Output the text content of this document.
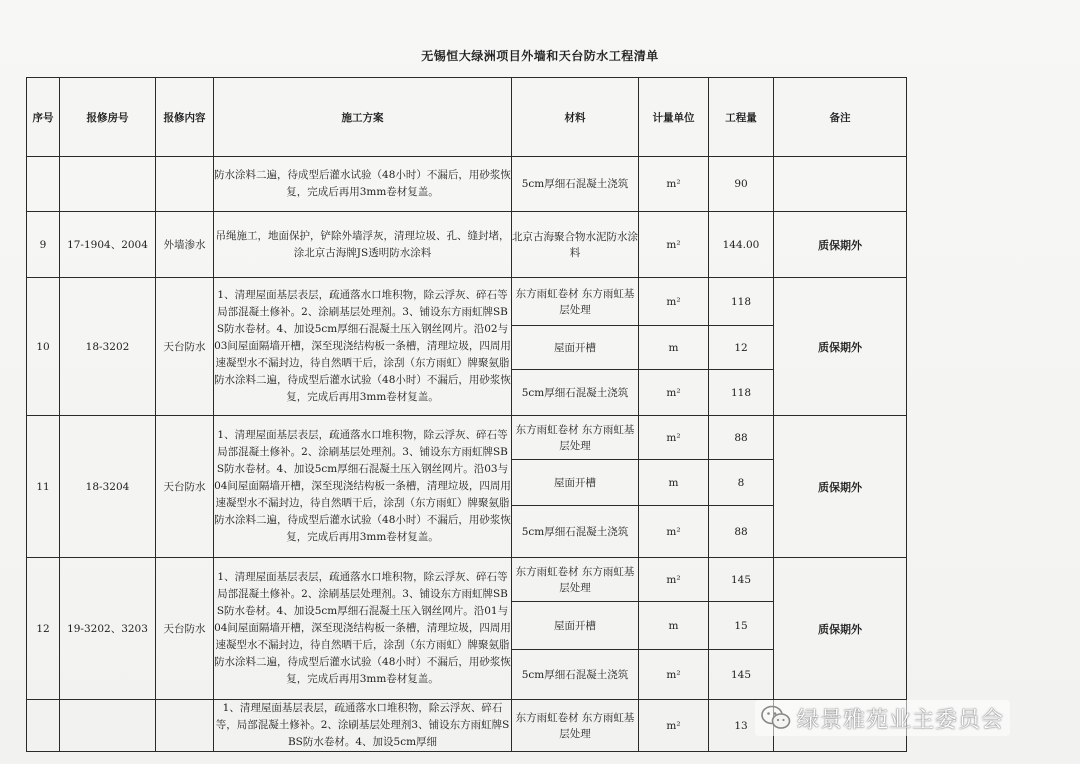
无锡恒大绿洲项目外墙和天台防水工程清单
序号	报修房号	报修内容	施工方案	材料	计量单位	工程量	备注
			防水涂料二遍，待成型后灌水试验（48小时）不漏后，用砂浆恢复，完成后再用3mm卷材复盖。	5cm厚细石混凝土浇筑	m²	90	
9	17-1904、2004	外墙渗水	吊绳施工，地面保护，铲除外墙浮灰，清理垃圾、孔、缝封堵，涂北京古海牌JS透明防水涂料	北京古海聚合物水泥防水涂料	m²	144.00	质保期外
10	18-3202	天台防水	1、清理屋面基层表层，疏通落水口堆积物，除云浮灰、碎石等局部混凝土修补。2、涂刷基层处理剂。3、铺设东方雨虹牌SBS防水卷材。4、加设5cm厚细石混凝土压入钢丝网片。沿02与03间屋面隔墙开槽，深至现浇结构板一条槽，清理垃圾，四周用速凝型水不漏封边，待自然晒干后，涂刮（东方雨虹）牌聚氨脂防水涂料二遍，待成型后灌水试验（48小时）不漏后，用砂浆恢复，完成后再用3mm卷材复盖。	东方雨虹卷材 东方雨虹基层处理	m²	118	质保期外
				屋面开槽	m	12	
				5cm厚细石混凝土浇筑	m²	118	
11	18-3204	天台防水	1、清理屋面基层表层，疏通落水口堆积物，除云浮灰、碎石等局部混凝土修补。2、涂刷基层处理剂。3、铺设东方雨虹牌SBS防水卷材。4、加设5cm厚细石混凝土压入钢丝网片。沿03与04间屋面隔墙开槽，深至现浇结构板一条槽，清理垃圾，四周用速凝型水不漏封边，待自然晒干后，涂刮（东方雨虹）牌聚氨脂防水涂料二遍，待成型后灌水试验（48小时）不漏后，用砂浆恢复，完成后再用3mm卷材复盖。	东方雨虹卷材 东方雨虹基层处理	m²	88	质保期外
				屋面开槽	m	8	
				5cm厚细石混凝土浇筑	m²	88	
12	19-3202、3203	天台防水	1、清理屋面基层表层，疏通落水口堆积物，除云浮灰、碎石等局部混凝土修补。2、涂刷基层处理剂。3、铺设东方雨虹牌SBS防水卷材。4、加设5cm厚细石混凝土压入钢丝网片。沿01与04间屋面隔墙开槽，深至现浇结构板一条槽，清理垃圾，四周用速凝型水不漏封边，待自然晒干后，涂刮（东方雨虹）牌聚氨脂防水涂料二遍，待成型后灌水试验（48小时）不漏后，用砂浆恢复，完成后再用3mm卷材复盖。	东方雨虹卷材 东方雨虹基层处理	m²	145	质保期外
				屋面开槽	m	15	
				5cm厚细石混凝土浇筑	m²	145	
			1、清理屋面基层表层，疏通落水口堆积物，除云浮灰、碎石等，局部混凝土修补。2、涂刷基层处理剂3、铺设东方雨虹牌SBS防水卷材。4、加设5cm厚细	东方雨虹卷材 东方雨虹基层处理	m²	13	绿景雅苑业主委员会
